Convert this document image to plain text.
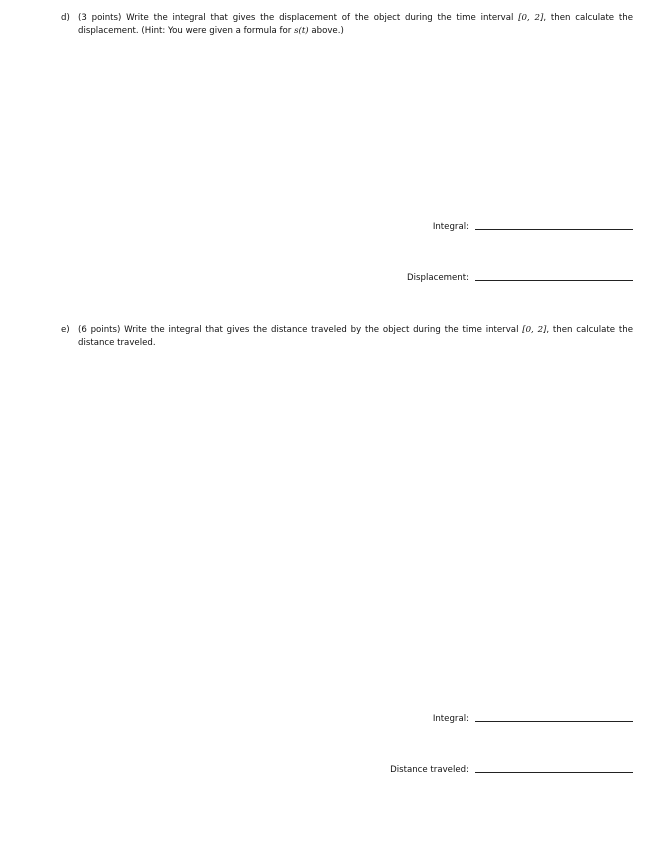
d) (3 points) Write the integral that gives the displacement of the object during the time interval [0, 2], then calculate the displacement. (Hint: You were given a formula for s(t) above.)
Integral:
Displacement:
e) (6 points) Write the integral that gives the distance traveled by the object during the time interval [0, 2], then calculate the distance traveled.
Integral:
Distance traveled:
